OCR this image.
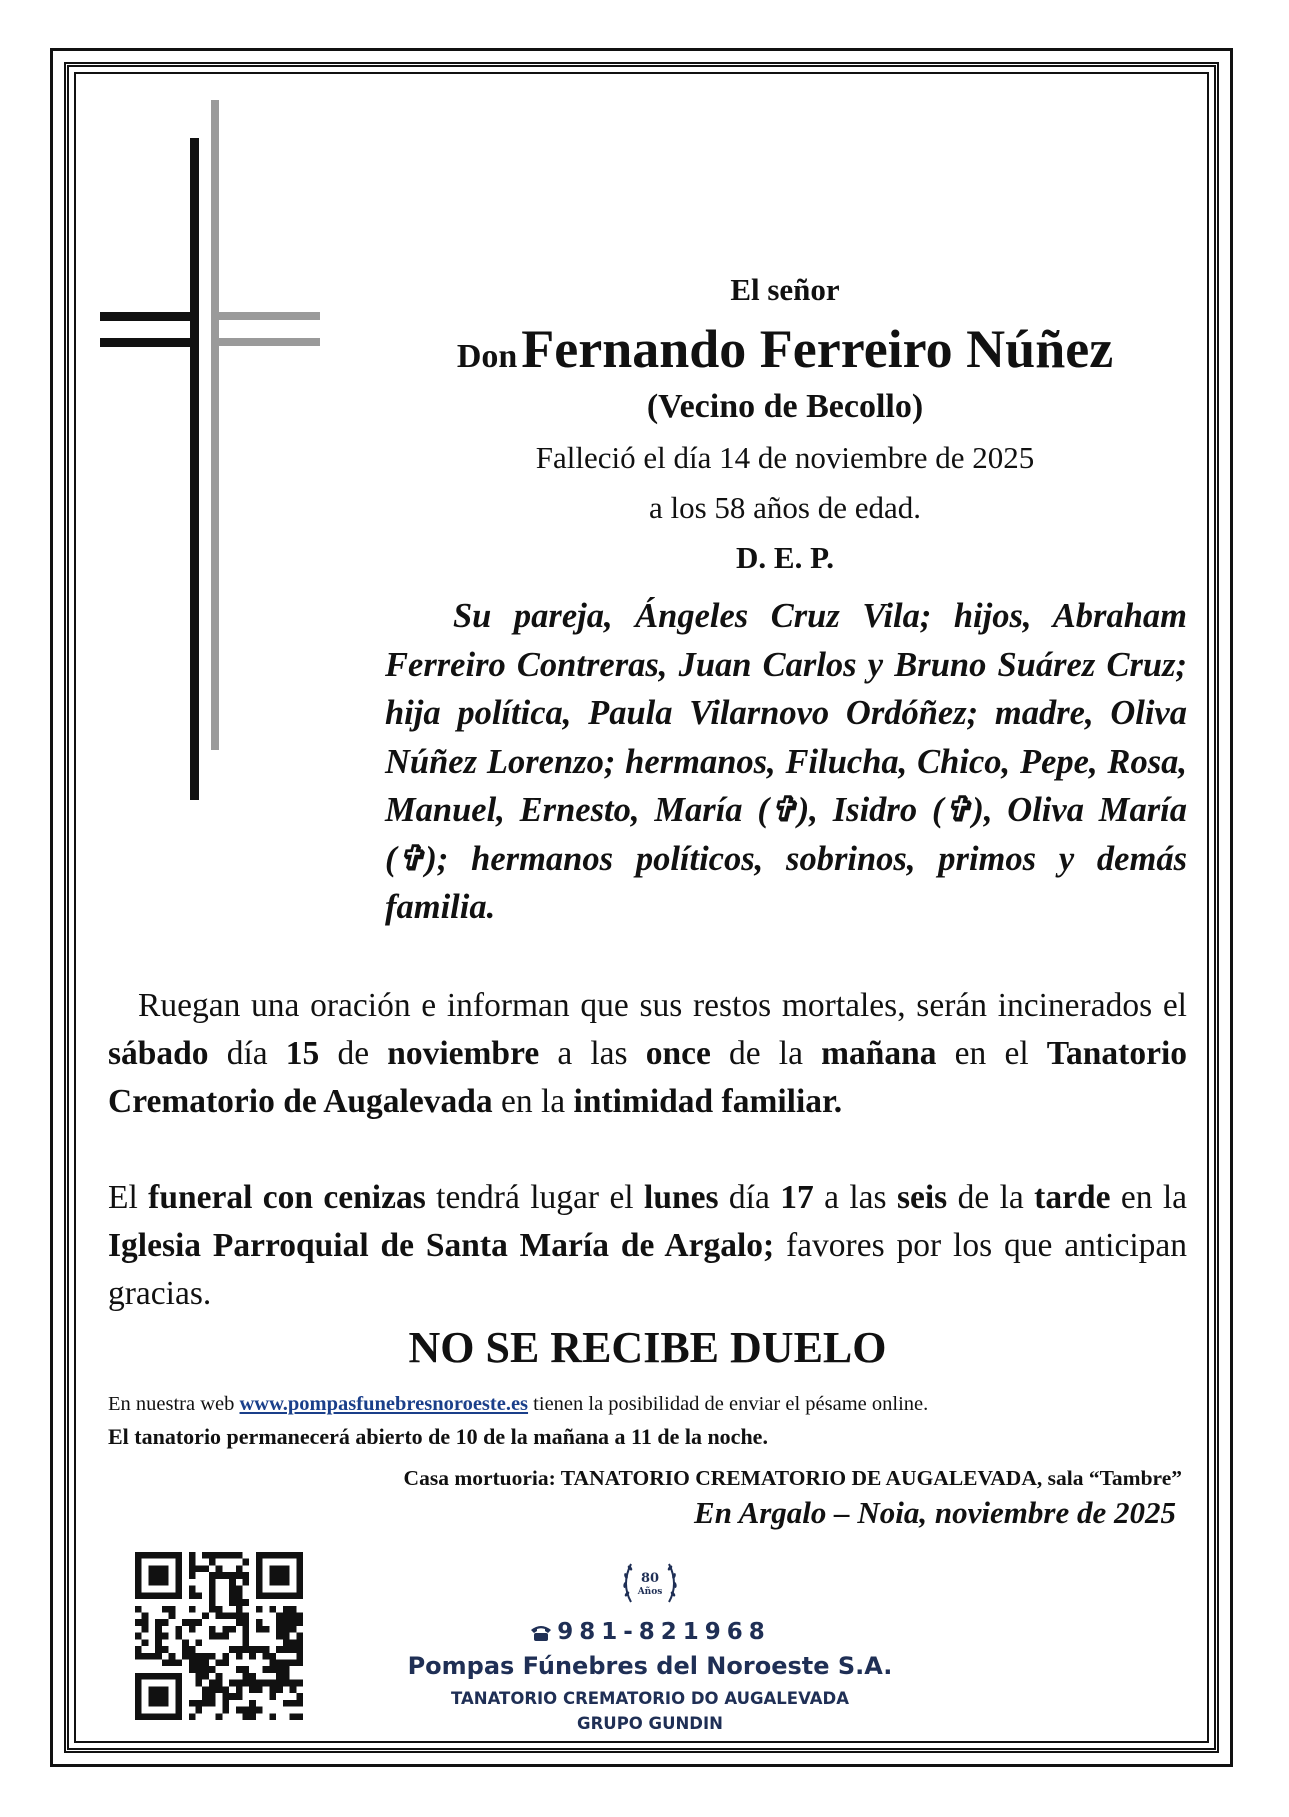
El señor
Don Fernando Ferreiro Núñez
(Vecino de Becollo)
Falleció el día 14 de noviembre de 2025
a los 58 años de edad.
D. E. P.
Su pareja, Ángeles Cruz Vila; hijos, Abraham Ferreiro Contreras, Juan Carlos y Bruno Suárez Cruz; hija política, Paula Vilarnovo Ordóñez; madre, Oliva Núñez Lorenzo; hermanos, Filucha, Chico, Pepe, Rosa, Manuel, Ernesto, María (✞), Isidro (✞), Oliva María (✞); hermanos políticos, sobrinos, primos y demás familia.
Ruegan una oración e informan que sus restos mortales, serán incinerados el sábado día 15 de noviembre a las once de la mañana en el Tanatorio Crematorio de Augalevada en la intimidad familiar.
El funeral con cenizas tendrá lugar el lunes día 17 a las seis de la tarde en la Iglesia Parroquial de Santa María de Argalo; favores por los que anticipan gracias.
NO SE RECIBE DUELO
En nuestra web www.pompasfunebresnoroeste.es tienen la posibilidad de enviar el pésame online.
El tanatorio permanecerá abierto de 10 de la mañana a 11 de la noche.
Casa mortuoria: TANATORIO CREMATORIO DE AUGALEVADA, sala “Tambre”
En Argalo – Noia, noviembre de 2025
80
Años
981-821968
Pompas Fúnebres del Noroeste S.A.
TANATORIO CREMATORIO DO AUGALEVADA
GRUPO GUNDIN
